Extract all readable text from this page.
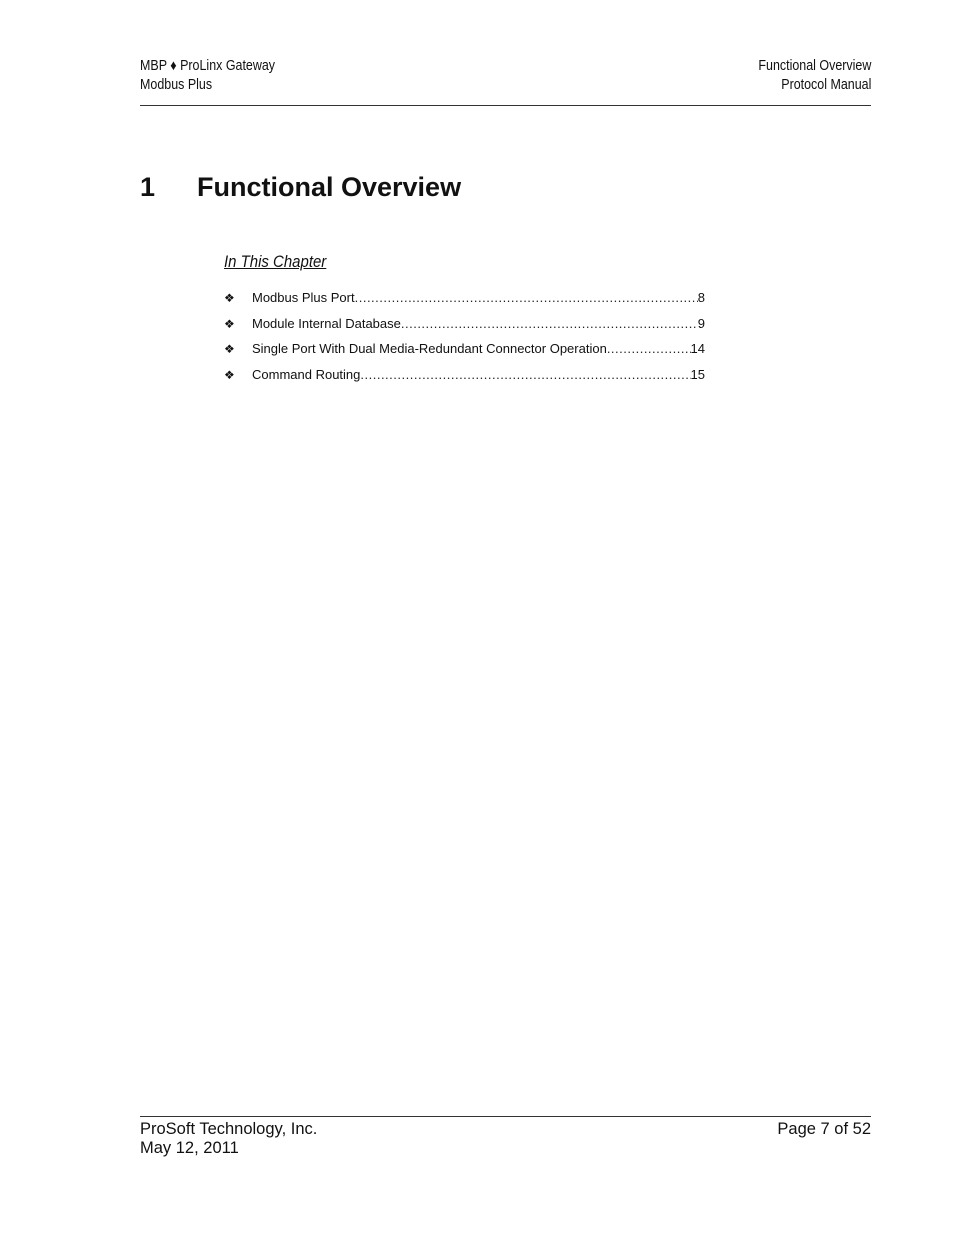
MBP ♦ ProLinx Gateway
Modbus Plus
Functional Overview
Protocol Manual
1 Functional Overview
In This Chapter
❖	Modbus Plus Port .....	8
❖	Module Internal Database .....	9
❖	Single Port With Dual Media-Redundant Connector Operation .....	14
❖	Command Routing .....	15
ProSoft Technology, Inc.
May 12, 2011
Page 7 of 52
